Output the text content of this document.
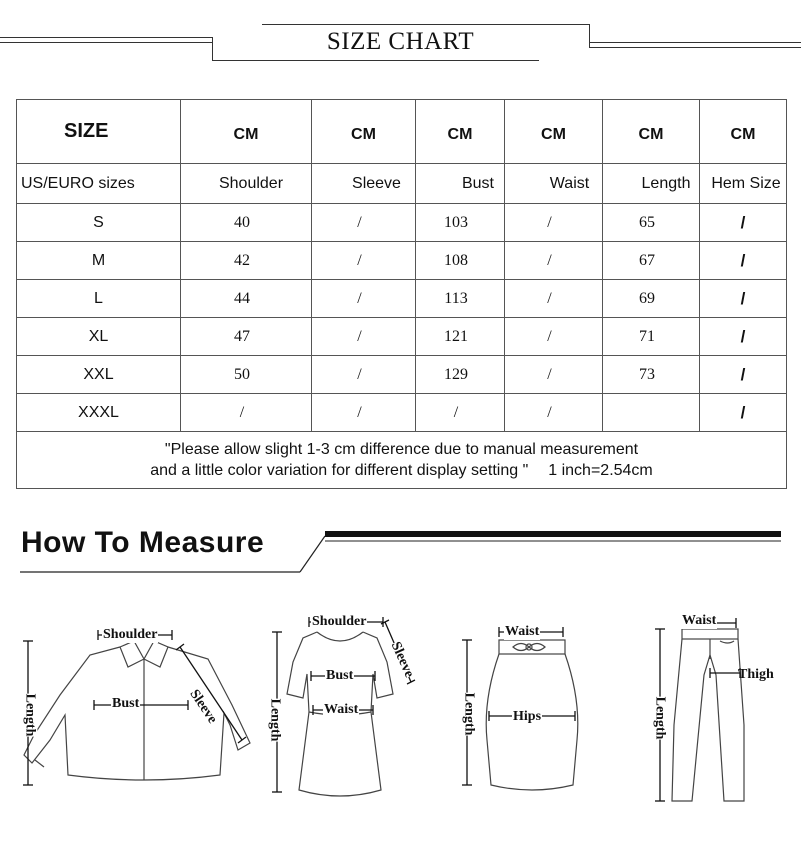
SIZE CHART
SIZE	CM	CM	CM	CM	CM	CM
US/EURO sizes	Shoulder	Sleeve	Bust	Waist	Length	Hem Size
S	40	/	103	/	65	/
M	42	/	108	/	67	/
L	44	/	113	/	69	/
XL	47	/	121	/	71	/
XXL	50	/	129	/	73	/
XXXL	/	/	/	/		/

"Please allow slight 1-3 cm difference due to manual measurement
and a little color variation for different display setting " 1 inch=2.54cm						
How To Measure
Shoulder
Bust
Length	Sleeve
Shoulder
Bust
Waist
Length
Sleeve
Waist
Hips
Length
Waist
Thigh
Length
